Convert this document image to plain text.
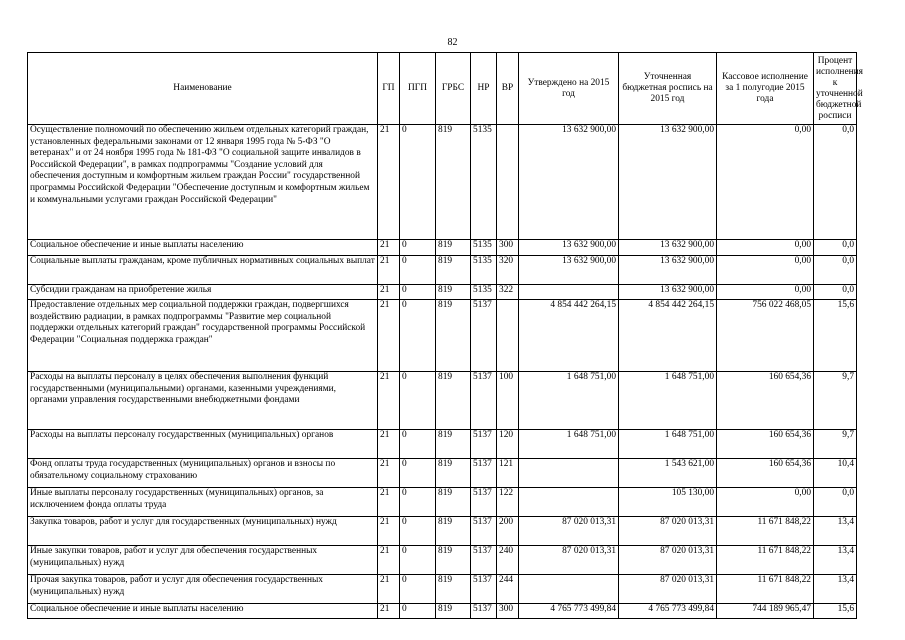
82
Наименование	ГП	ПГП	ГРБС	НР	ВР	Утверждено на 2015 год	Уточненная бюджетная роспись на 2015 год	Кассовое исполнение за 1 полугодие 2015 года	Процент исполнения к уточненной бюджетной росписи
Осуществление полномочий по обеспечению жильем отдельных категорий граждан, установленных федеральными законами от 12 января 1995 года № 5-ФЗ "О ветеранах" и от 24 ноября 1995 года № 181-ФЗ "О социальной защите инвалидов в Российской Федерации", в рамках подпрограммы "Создание условий для обеспечения доступным и комфортным жильем граждан России" государственной программы Российской Федерации "Обеспечение доступным и комфортным жильем и коммунальными услугами граждан Российской Федерации"	21	0	819	5135		13 632 900,00	13 632 900,00	0,00	0,0
Социальное обеспечение и иные выплаты населению	21	0	819	5135	300	13 632 900,00	13 632 900,00	0,00	0,0
Социальные выплаты гражданам, кроме публичных нормативных социальных выплат	21	0	819	5135	320	13 632 900,00	13 632 900,00	0,00	0,0
Субсидии гражданам на приобретение жилья	21	0	819	5135	322		13 632 900,00	0,00	0,0
Предоставление отдельных мер социальной поддержки граждан, подвергшихся воздействию радиации, в рамках подпрограммы "Развитие мер социальной поддержки отдельных категорий граждан" государственной программы Российской Федерации "Социальная поддержка граждан"	21	0	819	5137		4 854 442 264,15	4 854 442 264,15	756 022 468,05	15,6
Расходы на выплаты персоналу в целях обеспечения выполнения функций государственными (муниципальными) органами, казенными учреждениями, органами управления государственными внебюджетными фондами	21	0	819	5137	100	1 648 751,00	1 648 751,00	160 654,36	9,7
Расходы на выплаты персоналу государственных (муниципальных) органов	21	0	819	5137	120	1 648 751,00	1 648 751,00	160 654,36	9,7
Фонд оплаты труда государственных (муниципальных) органов и взносы по обязательному социальному страхованию	21	0	819	5137	121		1 543 621,00	160 654,36	10,4
Иные выплаты персоналу государственных (муниципальных) органов, за исключением фонда оплаты труда	21	0	819	5137	122		105 130,00	0,00	0,0
Закупка товаров, работ и услуг для государственных (муниципальных) нужд	21	0	819	5137	200	87 020 013,31	87 020 013,31	11 671 848,22	13,4
Иные закупки товаров, работ и услуг для обеспечения государственных (муниципальных) нужд	21	0	819	5137	240	87 020 013,31	87 020 013,31	11 671 848,22	13,4
Прочая закупка товаров, работ и услуг для обеспечения государственных (муниципальных) нужд	21	0	819	5137	244		87 020 013,31	11 671 848,22	13,4
Социальное обеспечение и иные выплаты населению	21	0	819	5137	300	4 765 773 499,84	4 765 773 499,84	744 189 965,47	15,6
